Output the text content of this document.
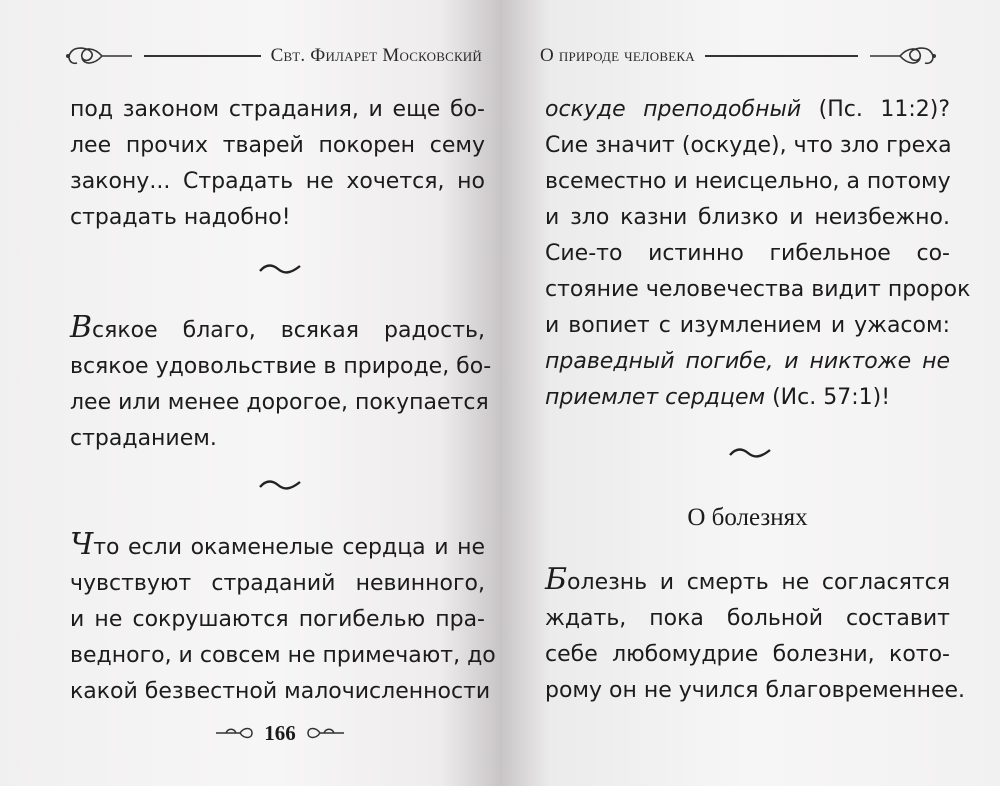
Свт. Филарет Московский
под законом страдания, и еще бо-
лее прочих тварей покорен сему
закону... Страдать не хочется, но
страдать надобно!
Всякое благо, всякая радость,
всякое удовольствие в природе, бо-
лее или менее дорогое, покупается
страданием.
Что если окаменелые сердца и не
чувствуют страданий невинного,
и не сокрушаются погибелью пра-
ведного, и совсем не примечают, до
какой безвестной малочисленности
166
О природе человека
оскуде преподобный (Пс. 11:2)?
Сие значит (оскуде), что зло греха
всеместно и неисцельно, а потому
и зло казни близко и неизбежно.
Сие-то истинно гибельное со-
стояние человечества видит пророк
и вопиет с изумлением и ужасом:
праведный погибе, и никтоже не
приемлет сердцем (Ис. 57:1)!
О болезнях
Болезнь и смерть не согласятся
ждать, пока больной составит
себе любомудрие болезни, кото-
рому он не учился благовременнее.
